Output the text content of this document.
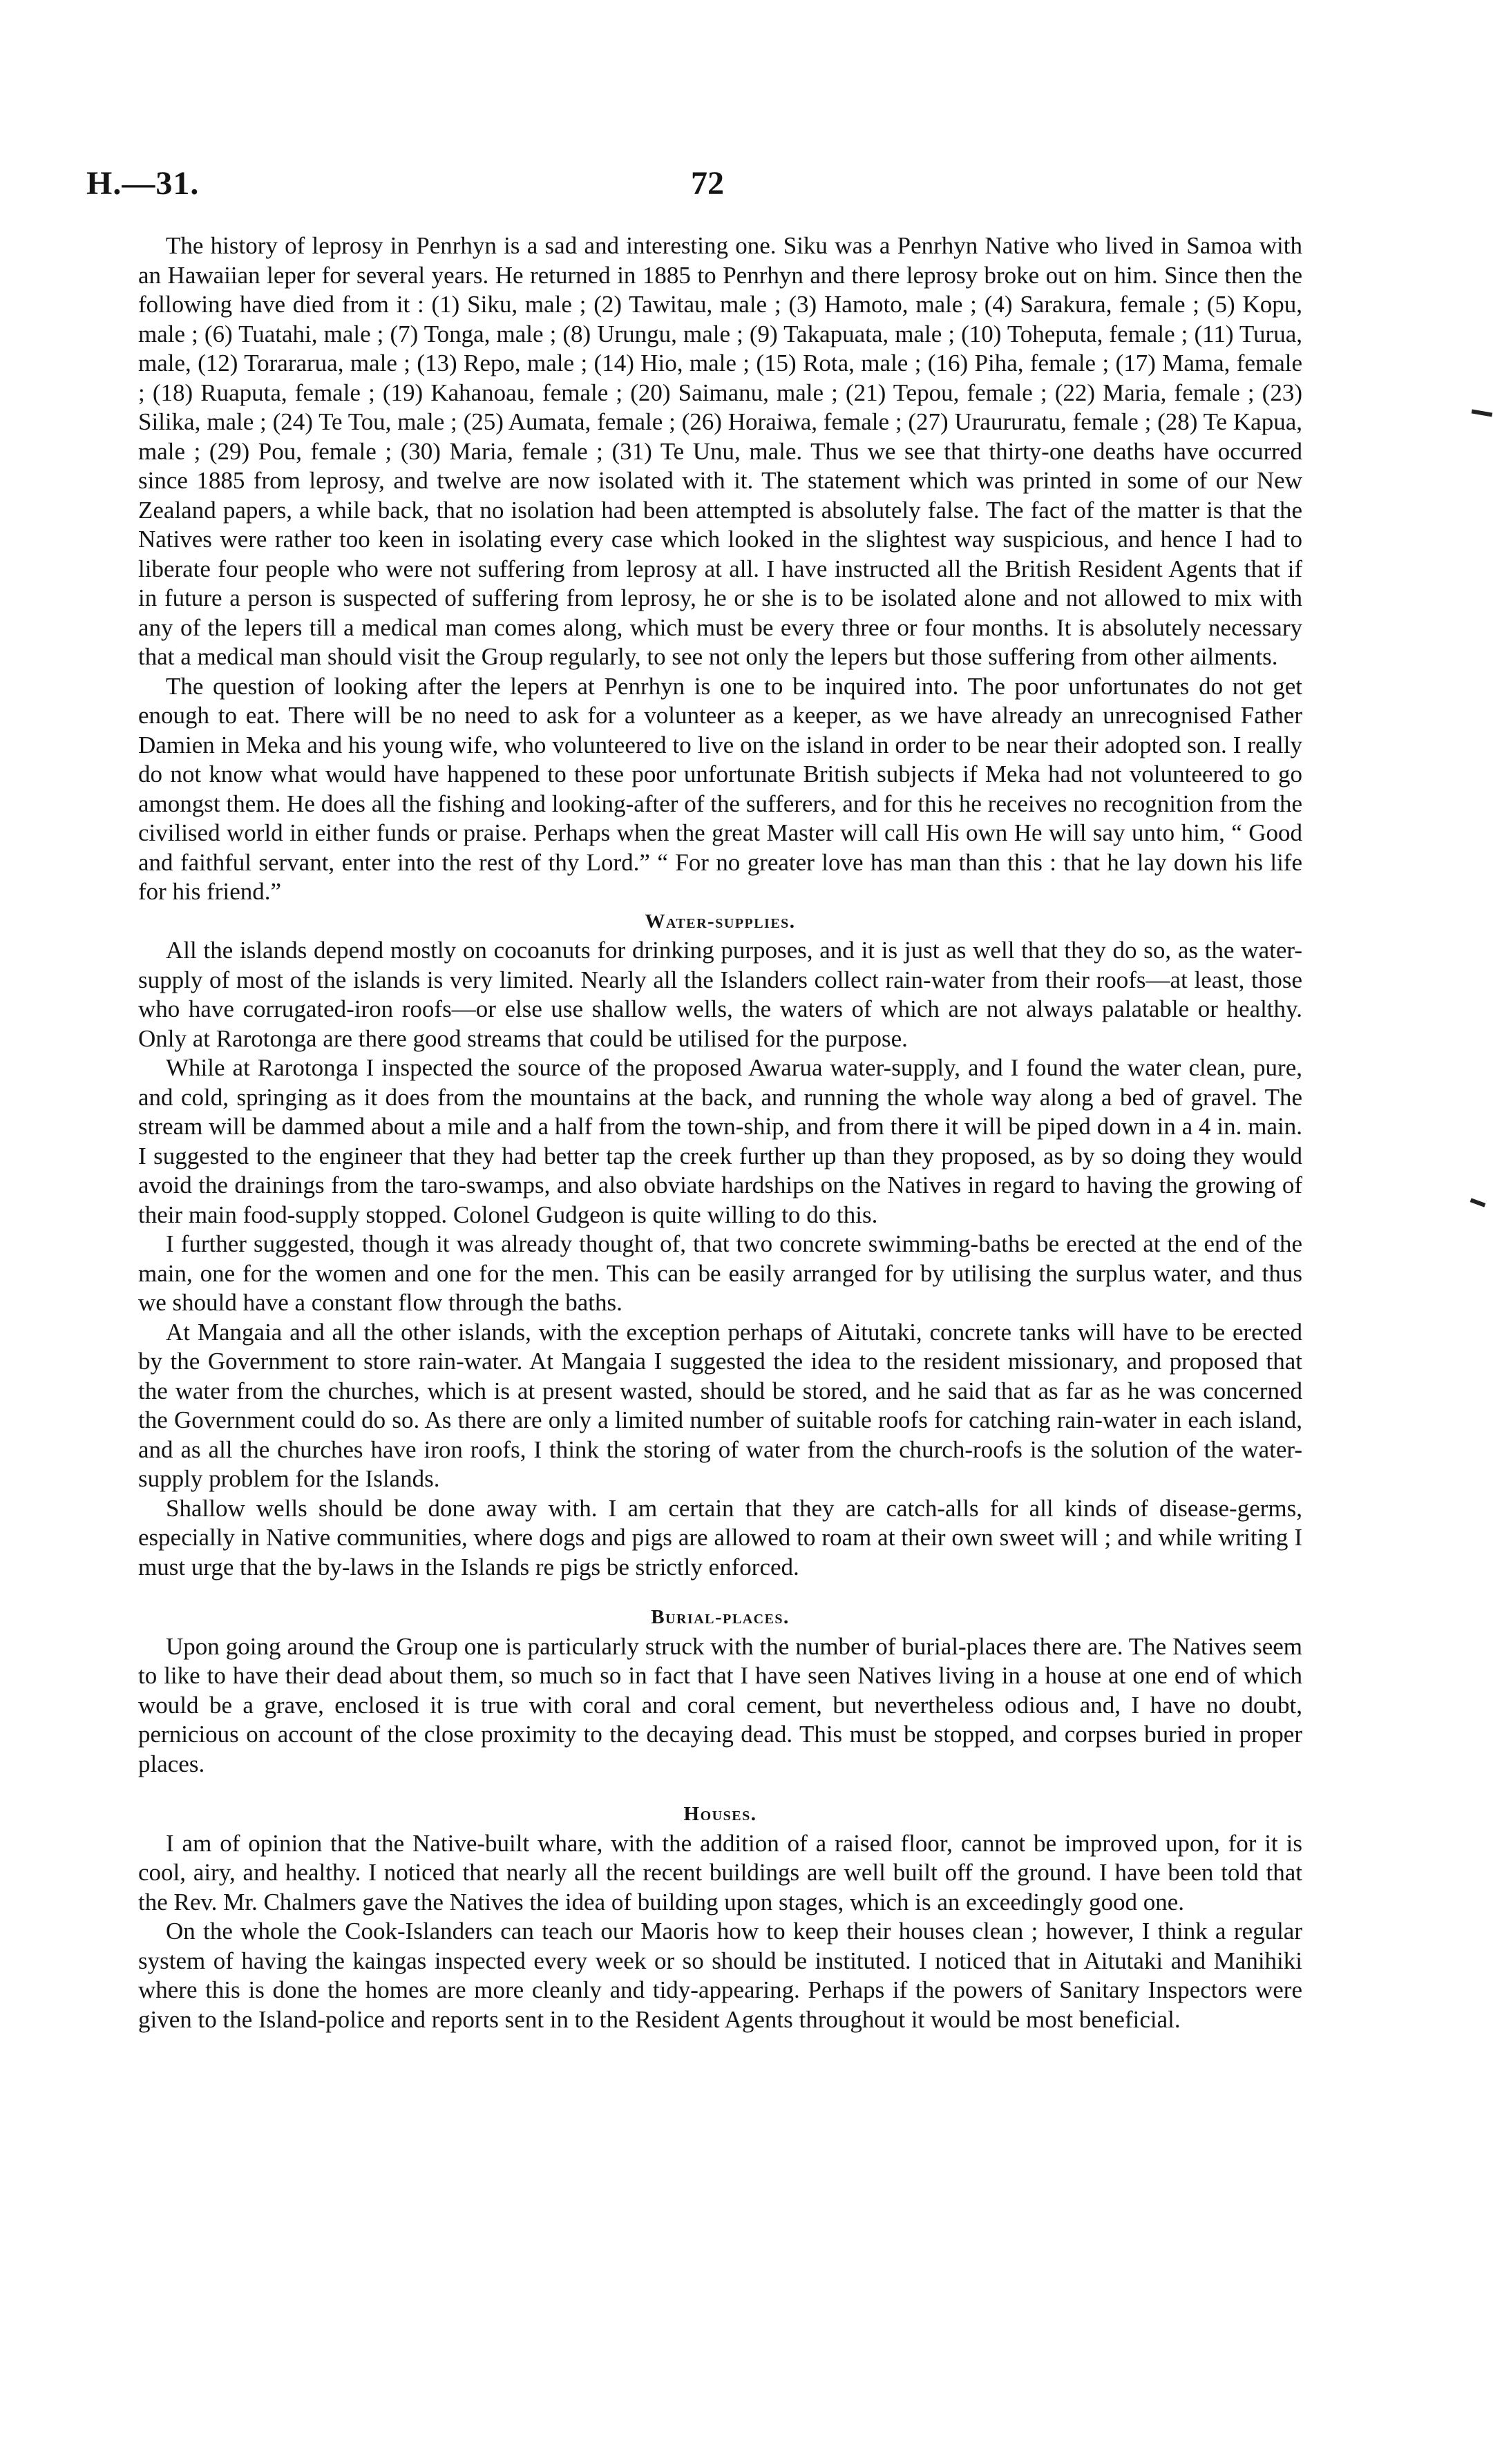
H.—31.	72

The history of leprosy in Penrhyn is a sad and interesting one. Siku was a Penrhyn Native who lived in Samoa with an Hawaiian leper for several years. He returned in 1885 to Penrhyn and there leprosy broke out on him. Since then the following have died from it : (1) Siku, male ; (2) Tawitau, male ; (3) Hamoto, male ; (4) Sarakura, female ; (5) Kopu, male ; (6) Tuatahi, male ; (7) Tonga, male ; (8) Urungu, male ; (9) Takapuata, male ; (10) Toheputa, female ; (11) Turua, male, (12) Torararua, male ; (13) Repo, male ; (14) Hio, male ; (15) Rota, male ; (16) Piha, female ; (17) Mama, female ; (18) Ruaputa, female ; (19) Kahanoau, female ; (20) Saimanu, male ; (21) Tepou, female ; (22) Maria, female ; (23) Silika, male ; (24) Te Tou, male ; (25) Aumata, female ; (26) Horaiwa, female ; (27) Uraururatu, female ; (28) Te Kapua, male ; (29) Pou, female ; (30) Maria, female ; (31) Te Unu, male. Thus we see that thirty-one deaths have occurred since 1885 from leprosy, and twelve are now isolated with it. The statement which was printed in some of our New Zealand papers, a while back, that no isolation had been attempted is absolutely false. The fact of the matter is that the Natives were rather too keen in isolating every case which looked in the slightest way suspicious, and hence I had to liberate four people who were not suffering from leprosy at all. I have instructed all the British Resident Agents that if in future a person is suspected of suffering from leprosy, he or she is to be isolated alone and not allowed to mix with any of the lepers till a medical man comes along, which must be every three or four months. It is absolutely necessary that a medical man should visit the Group regularly, to see not only the lepers but those suffering from other ailments.

The question of looking after the lepers at Penrhyn is one to be inquired into. The poor unfortunates do not get enough to eat. There will be no need to ask for a volunteer as a keeper, as we have already an unrecognised Father Damien in Meka and his young wife, who volunteered to live on the island in order to be near their adopted son. I really do not know what would have happened to these poor unfortunate British subjects if Meka had not volunteered to go amongst them. He does all the fishing and looking-after of the sufferers, and for this he receives no recognition from the civilised world in either funds or praise. Perhaps when the great Master will call His own He will say unto him, “ Good and faithful servant, enter into the rest of thy Lord.” “ For no greater love has man than this : that he lay down his life for his friend.”

Water-supplies.

All the islands depend mostly on cocoanuts for drinking purposes, and it is just as well that they do so, as the water-supply of most of the islands is very limited. Nearly all the Islanders collect rain-water from their roofs—at least, those who have corrugated-iron roofs—or else use shallow wells, the waters of which are not always palatable or healthy. Only at Rarotonga are there good streams that could be utilised for the purpose.

While at Rarotonga I inspected the source of the proposed Awarua water-supply, and I found the water clean, pure, and cold, springing as it does from the mountains at the back, and running the whole way along a bed of gravel. The stream will be dammed about a mile and a half from the town-ship, and from there it will be piped down in a 4 in. main. I suggested to the engineer that they had better tap the creek further up than they proposed, as by so doing they would avoid the drainings from the taro-swamps, and also obviate hardships on the Natives in regard to having the growing of their main food-supply stopped. Colonel Gudgeon is quite willing to do this.

I further suggested, though it was already thought of, that two concrete swimming-baths be erected at the end of the main, one for the women and one for the men. This can be easily arranged for by utilising the surplus water, and thus we should have a constant flow through the baths.

At Mangaia and all the other islands, with the exception perhaps of Aitutaki, concrete tanks will have to be erected by the Government to store rain-water. At Mangaia I suggested the idea to the resident missionary, and proposed that the water from the churches, which is at present wasted, should be stored, and he said that as far as he was concerned the Government could do so. As there are only a limited number of suitable roofs for catching rain-water in each island, and as all the churches have iron roofs, I think the storing of water from the church-roofs is the solution of the water-supply problem for the Islands.

Shallow wells should be done away with. I am certain that they are catch-alls for all kinds of disease-germs, especially in Native communities, where dogs and pigs are allowed to roam at their own sweet will ; and while writing I must urge that the by-laws in the Islands re pigs be strictly enforced.

Burial-places.

Upon going around the Group one is particularly struck with the number of burial-places there are. The Natives seem to like to have their dead about them, so much so in fact that I have seen Natives living in a house at one end of which would be a grave, enclosed it is true with coral and coral cement, but nevertheless odious and, I have no doubt, pernicious on account of the close proximity to the decaying dead. This must be stopped, and corpses buried in proper places.

Houses.

I am of opinion that the Native-built whare, with the addition of a raised floor, cannot be improved upon, for it is cool, airy, and healthy. I noticed that nearly all the recent buildings are well built off the ground. I have been told that the Rev. Mr. Chalmers gave the Natives the idea of building upon stages, which is an exceedingly good one.

On the whole the Cook-Islanders can teach our Maoris how to keep their houses clean ; however, I think a regular system of having the kaingas inspected every week or so should be instituted. I noticed that in Aitutaki and Manihiki where this is done the homes are more cleanly and tidy-appearing. Perhaps if the powers of Sanitary Inspectors were given to the Island-police and reports sent in to the Resident Agents throughout it would be most beneficial.
